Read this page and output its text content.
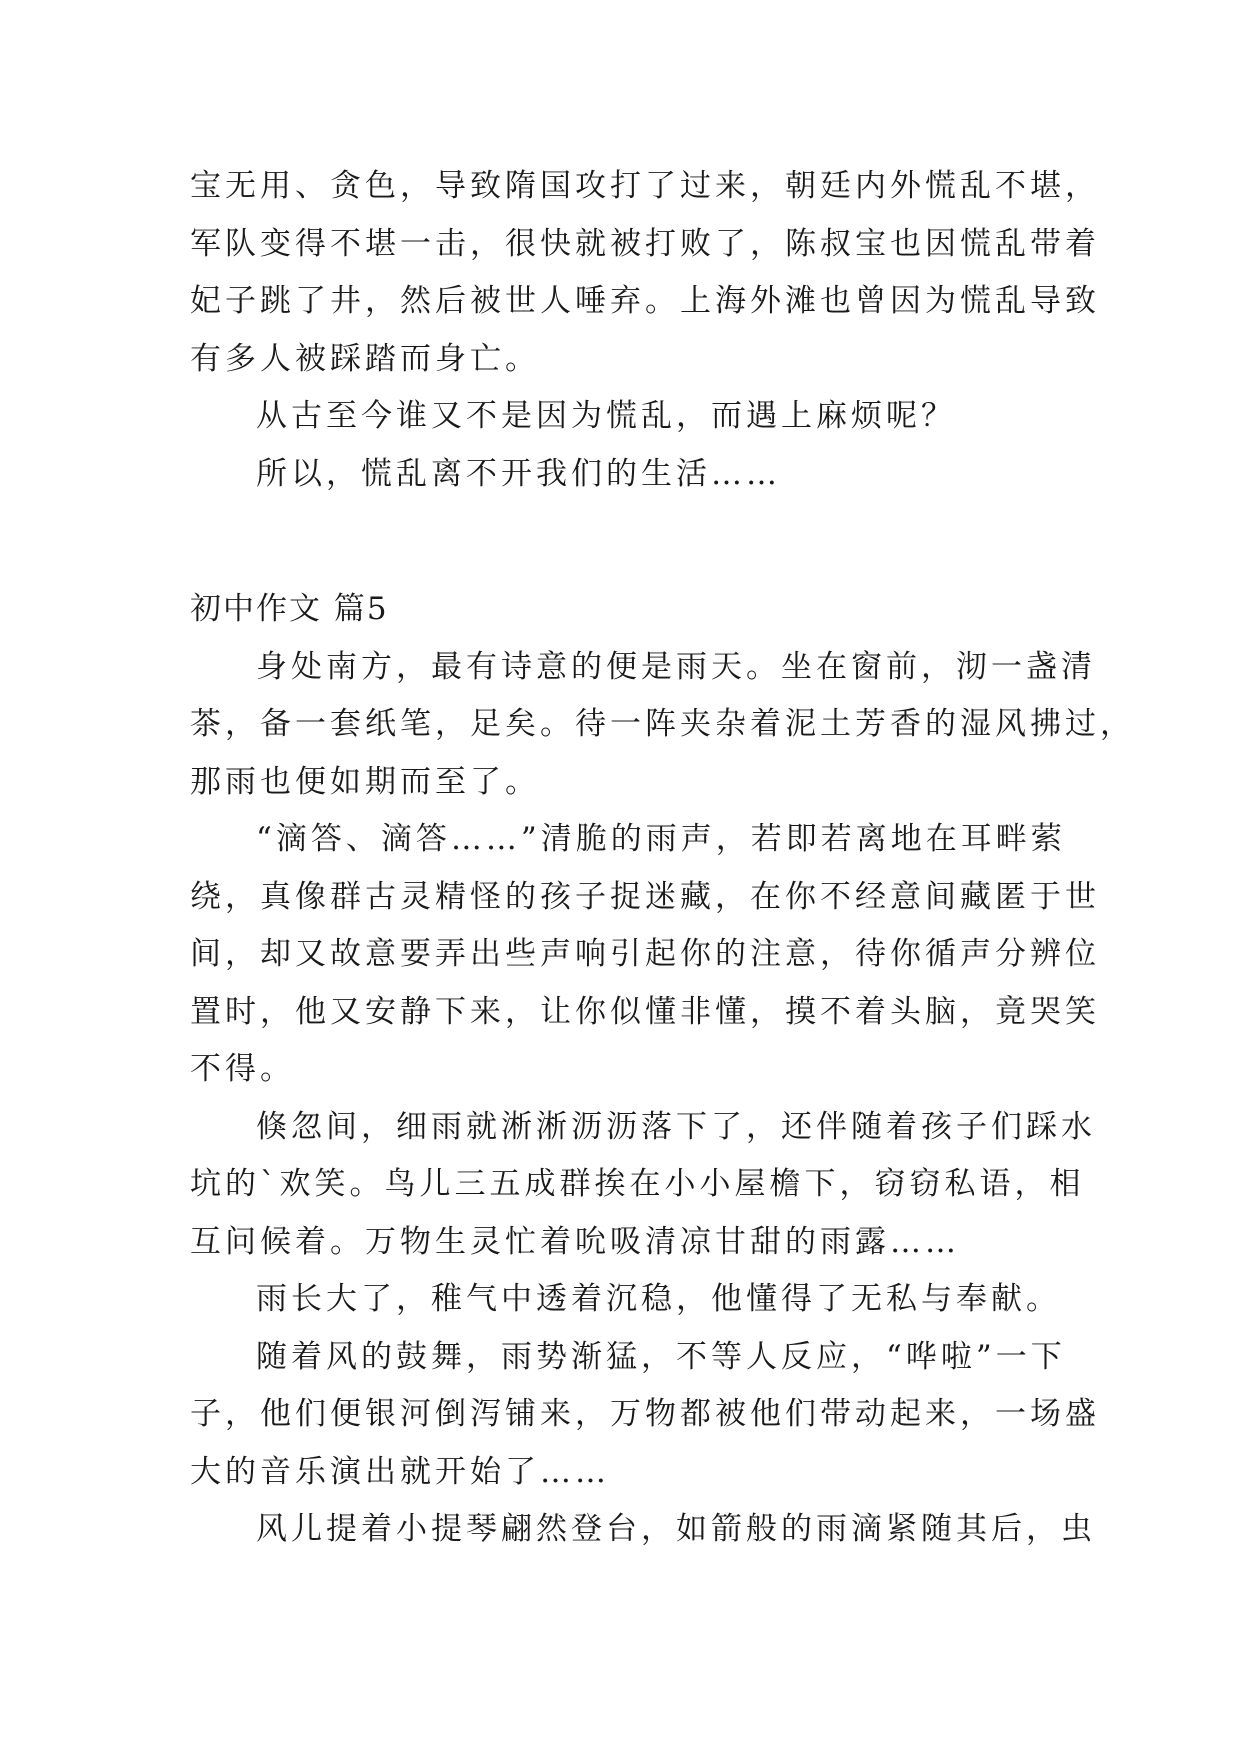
宝无用、贪色，导致隋国攻打了过来，朝廷内外慌乱不堪，
军队变得不堪一击，很快就被打败了，陈叔宝也因慌乱带着
妃子跳了井，然后被世人唾弃。上海外滩也曾因为慌乱导致
有多人被踩踏而身亡。
从古至今谁又不是因为慌乱，而遇上麻烦呢？
所以，慌乱离不开我们的生活……
初中作文 篇5
身处南方，最有诗意的便是雨天。坐在窗前，沏一盏清
茶，备一套纸笔，足矣。待一阵夹杂着泥土芳香的湿风拂过，
那雨也便如期而至了。
“滴答、滴答……”清脆的雨声，若即若离地在耳畔萦
绕，真像群古灵精怪的孩子捉迷藏，在你不经意间藏匿于世
间，却又故意要弄出些声响引起你的注意，待你循声分辨位
置时，他又安静下来，让你似懂非懂，摸不着头脑，竟哭笑
不得。
倏忽间，细雨就淅淅沥沥落下了，还伴随着孩子们踩水
坑的`欢笑。鸟儿三五成群挨在小小屋檐下，窃窃私语，相
互问候着。万物生灵忙着吮吸清凉甘甜的雨露……
雨长大了，稚气中透着沉稳，他懂得了无私与奉献。
随着风的鼓舞，雨势渐猛，不等人反应，“哗啦”一下
子，他们便银河倒泻铺来，万物都被他们带动起来，一场盛
大的音乐演出就开始了……
风儿提着小提琴翩然登台，如箭般的雨滴紧随其后，虫
